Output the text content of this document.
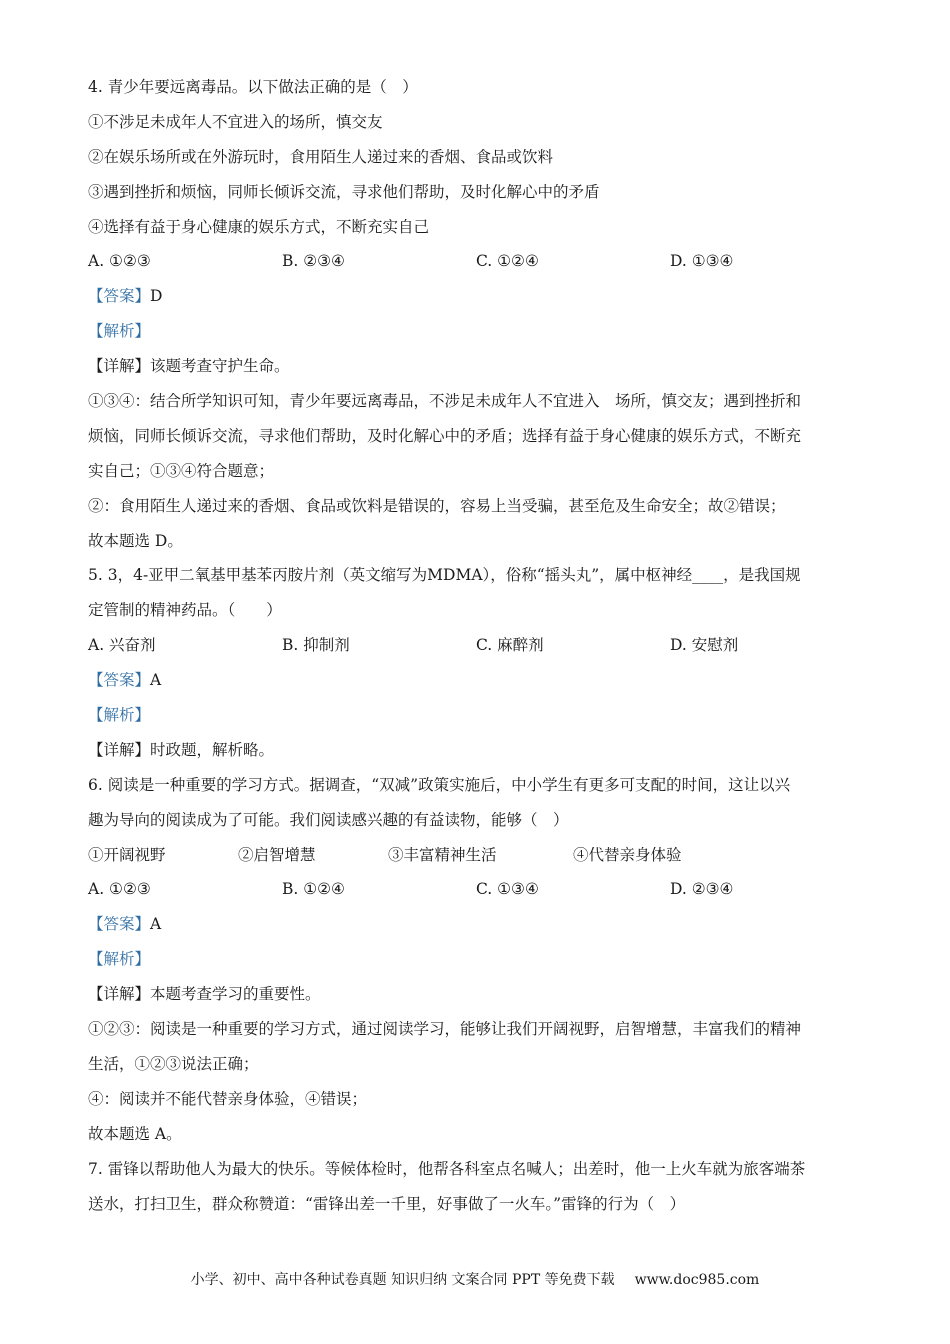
4. 青少年要远离毒品。以下做法正确的是（　）
①不涉足未成年人不宜进入的场所，慎交友
②在娱乐场所或在外游玩时，食用陌生人递过来的香烟、食品或饮料
③遇到挫折和烦恼，同师长倾诉交流，寻求他们帮助，及时化解心中的矛盾
④选择有益于身心健康的娱乐方式，不断充实自己
A. ①②③	B. ②③④	C. ①②④	D. ①③④
【答案】D
【解析】
【详解】该题考查守护生命。
①③④：结合所学知识可知，青少年要远离毒品，不涉足未成年人不宜进入　场所，慎交友；遇到挫折和
烦恼，同师长倾诉交流，寻求他们帮助，及时化解心中的矛盾；选择有益于身心健康的娱乐方式，不断充
实自己；①③④符合题意；
②：食用陌生人递过来的香烟、食品或饮料是错误的，容易上当受骗，甚至危及生命安全；故②错误；
故本题选 D。
5. 3，4-亚甲二氧基甲基苯丙胺片剂（英文缩写为MDMA），俗称“摇头丸”，属中枢神经____，是我国规
定管制的精神药品。（　　）
A. 兴奋剂	B. 抑制剂	C. 麻醉剂	D. 安慰剂
【答案】A
【解析】
【详解】时政题，解析略。
6. 阅读是一种重要的学习方式。据调查，“双减”政策实施后，中小学生有更多可支配的时间，这让以兴
趣为导向的阅读成为了可能。我们阅读感兴趣的有益读物，能够（　）
①开阔视野	②启智增慧	③丰富精神生活	④代替亲身体验
A. ①②③	B. ①②④	C. ①③④	D. ②③④
【答案】A
【解析】
【详解】本题考查学习的重要性。
①②③：阅读是一种重要的学习方式，通过阅读学习，能够让我们开阔视野，启智增慧，丰富我们的精神
生活，①②③说法正确；
④：阅读并不能代替亲身体验，④错误；
故本题选 A。
7. 雷锋以帮助他人为最大的快乐。等候体检时，他帮各科室点名喊人；出差时，他一上火车就为旅客端茶
送水，打扫卫生，群众称赞道：“雷锋出差一千里，好事做了一火车。”雷锋的行为（　）
小学、初中、高中各种试卷真题 知识归纳 文案合同 PPT 等免费下载 www.doc985.com
